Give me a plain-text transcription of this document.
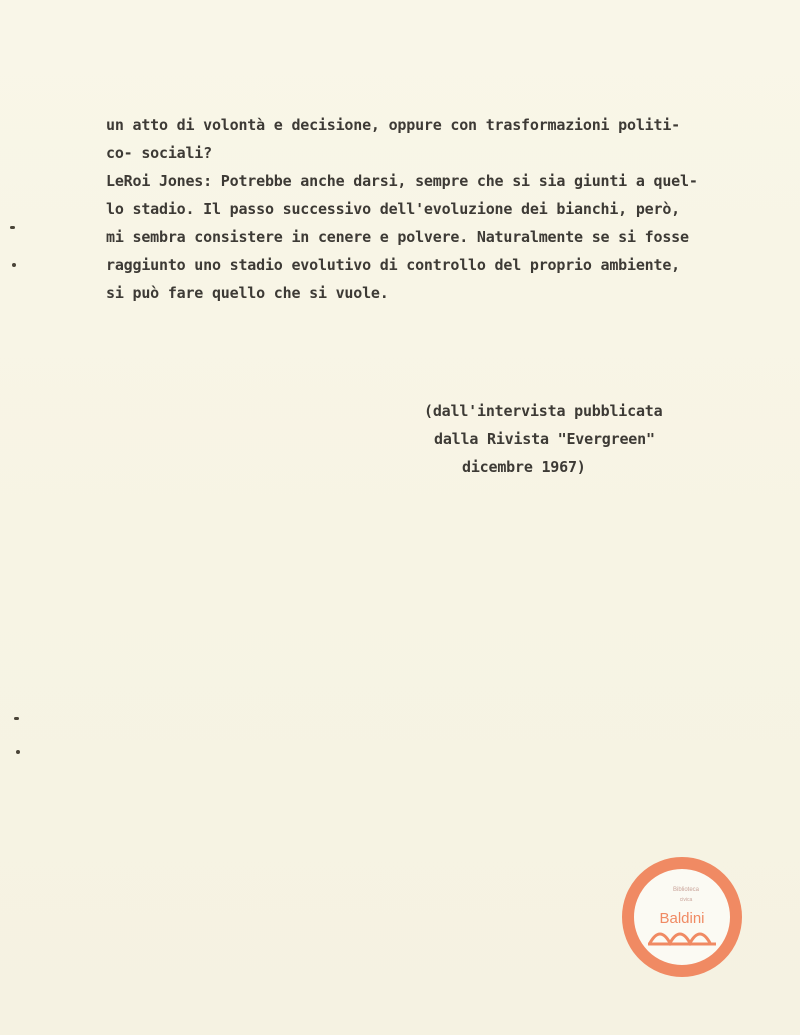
un atto di volontà e decisione, oppure con trasformazioni politi-
co- sociali?
LeRoi Jones: Potrebbe anche darsi, sempre che si sia giunti a quel-
lo stadio. Il passo successivo dell'evoluzione dei bianchi, però,
mi sembra consistere in cenere e polvere. Naturalmente se si fosse
raggiunto uno stadio evolutivo di controllo del proprio ambiente,
si può fare quello che si vuole.
(dall'intervista pubblicata
dalla Rivista "Evergreen"
dicembre 1967)
Biblioteca
civica
Baldini
